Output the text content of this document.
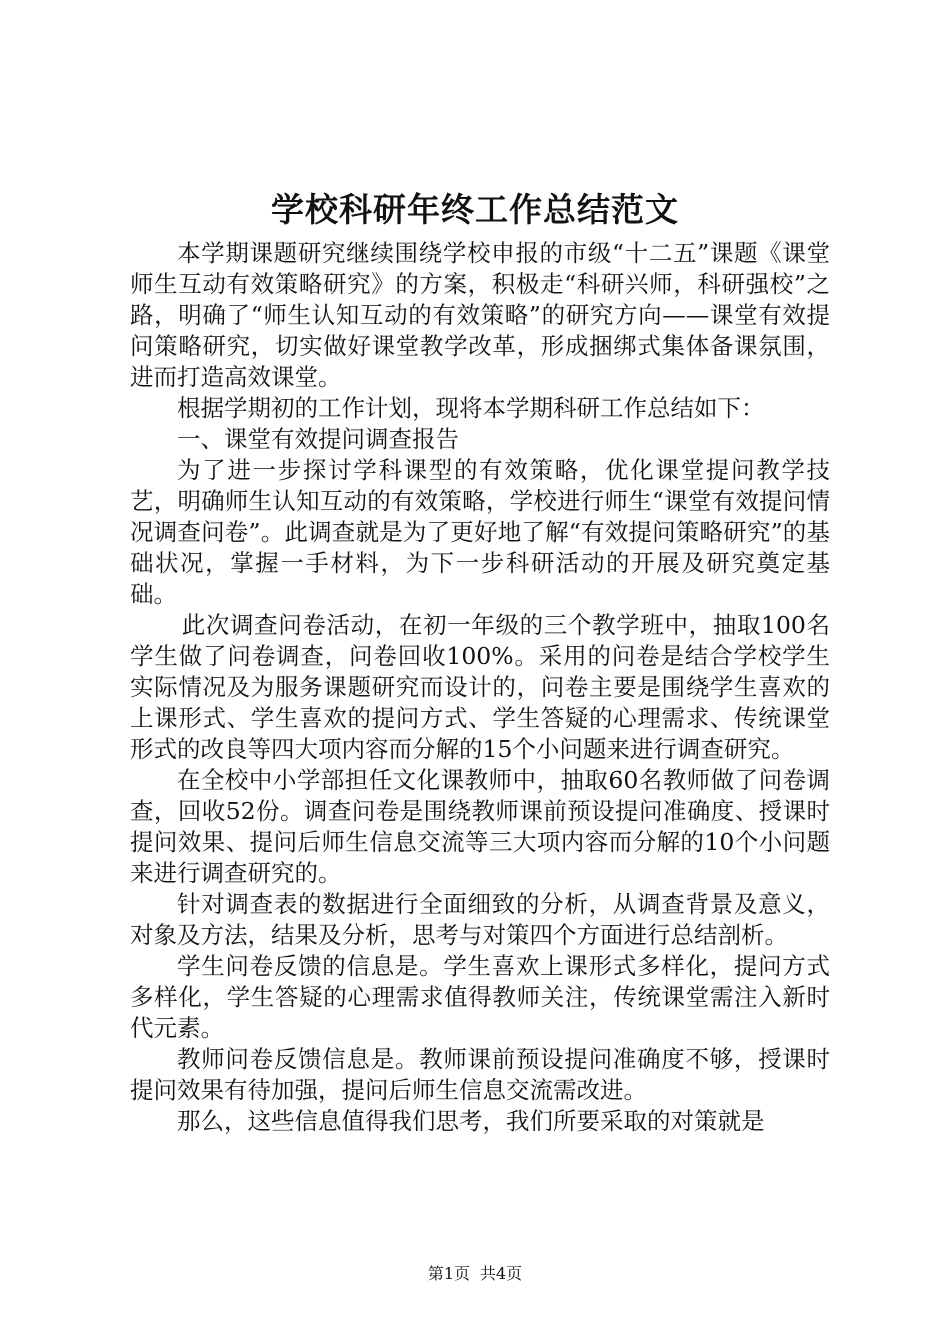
学校科研年终工作总结范文

本学期课题研究继续围绕学校申报的市级“十二五”课题《课堂师生互动有效策略研究》的方案，积极走“科研兴师，科研强校”之路，明确了“师生认知互动的有效策略”的研究方向——课堂有效提问策略研究，切实做好课堂教学改革，形成捆绑式集体备课氛围，进而打造高效课堂。

根据学期初的工作计划，现将本学期科研工作总结如下：

一、课堂有效提问调查报告

为了进一步探讨学科课型的有效策略，优化课堂提问教学技艺，明确师生认知互动的有效策略，学校进行师生“课堂有效提问情况调查问卷”。此调查就是为了更好地了解“有效提问策略研究”的基础状况，掌握一手材料，为下一步科研活动的开展及研究奠定基础。

此次调查问卷活动，在初一年级的三个教学班中，抽取100名学生做了问卷调查，问卷回收100%。采用的问卷是结合学校学生实际情况及为服务课题研究而设计的，问卷主要是围绕学生喜欢的上课形式、学生喜欢的提问方式、学生答疑的心理需求、传统课堂形式的改良等四大项内容而分解的15个小问题来进行调查研究。

在全校中小学部担任文化课教师中，抽取60名教师做了问卷调查，回收52份。调查问卷是围绕教师课前预设提问准确度、授课时提问效果、提问后师生信息交流等三大项内容而分解的10个小问题来进行调查研究的。

针对调查表的数据进行全面细致的分析，从调查背景及意义，对象及方法，结果及分析，思考与对策四个方面进行总结剖析。

学生问卷反馈的信息是。学生喜欢上课形式多样化，提问方式多样化，学生答疑的心理需求值得教师关注，传统课堂需注入新时代元素。

教师问卷反馈信息是。教师课前预设提问准确度不够，授课时提问效果有待加强，提问后师生信息交流需改进。

那么，这些信息值得我们思考，我们所要采取的对策就是

第1页 共4页
